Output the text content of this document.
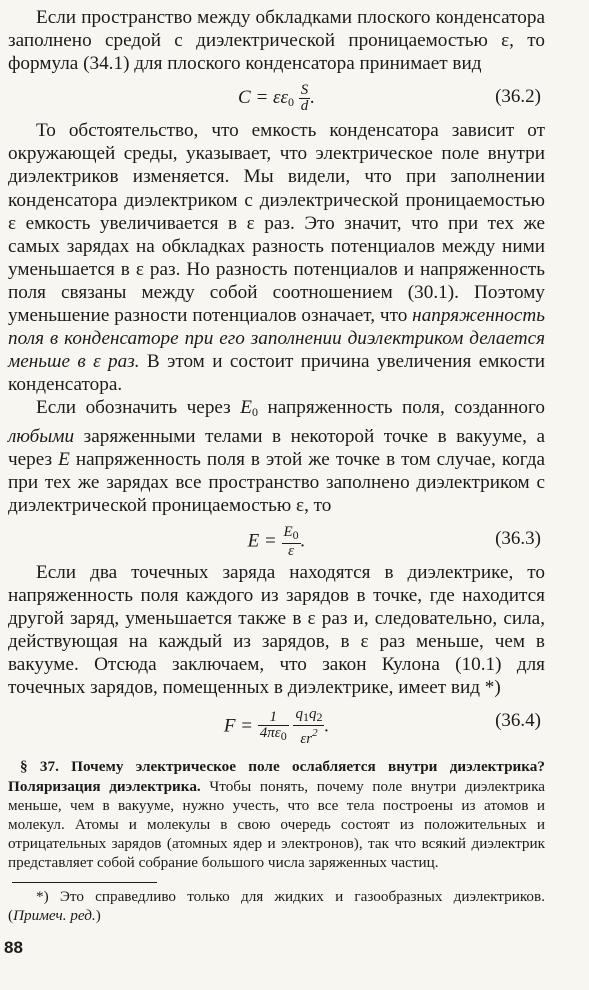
Если пространство между обкладками плоского конденсатора заполнено средой с диэлектрической проницаемостью ε, то формула (34.1) для плоского конденсатора принимает вид

$C = \varepsilon\varepsilon_0 \frac{S}{d}$ .	(36.2)

То обстоятельство, что емкость конденсатора зависит от окружающей среды, указывает, что электрическое поле внутри диэлектриков изменяется. Мы видели, что при заполнении конденсатора диэлектриком с диэлектрической проницаемостью ε емкость увеличивается в ε раз. Это значит, что при тех же самых зарядах на обкладках разность потенциалов между ними уменьшается в ε раз. Но разность потенциалов и напряженность поля связаны между собой соотношением (30.1). Поэтому уменьшение разности потенциалов означает, что напряженность поля в конденсаторе при его заполнении диэлектриком делается меньше в ε раз. В этом и состоит причина увеличения емкости конденсатора.

Если обозначить через $E_0$ напряженность поля, созданного любыми заряженными телами в некоторой точке в вакууме, а через E напряженность поля в этой же точке в том случае, когда при тех же зарядах все пространство заполнено диэлектриком с диэлектрической проницаемостью ε, то

$E = \frac{E_0}{\varepsilon}$ .	(36.3)

Если два точечных заряда находятся в диэлектрике, то напряженность поля каждого из зарядов в точке, где находится другой заряд, уменьшается также в ε раз и, следовательно, сила, действующая на каждый из зарядов, в ε раз меньше, чем в вакууме. Отсюда заключаем, что закон Кулона (10.1) для точечных зарядов, помещенных в диэлектрике, имеет вид *)

$F = \frac{1}{4\pi\varepsilon_0}$
$\frac{q_1q_2}{\varepsilon r^2}$ .	(36.4)

§ 37. Почему электрическое поле ослабляется внутри диэлектрика? Поляризация диэлектрика. Чтобы понять, почему поле внутри диэлектрика меньше, чем в вакууме, нужно учесть, что все тела построены из атомов и молекул. Атомы и молекулы в свою очередь состоят из положительных и отрицательных зарядов (атомных ядер и электронов), так что всякий диэлектрик представляет собой собрание большого числа заряженных частиц.

*) Это справедливо только для жидких и газообразных диэлектриков. (Примеч. ред.)

88
